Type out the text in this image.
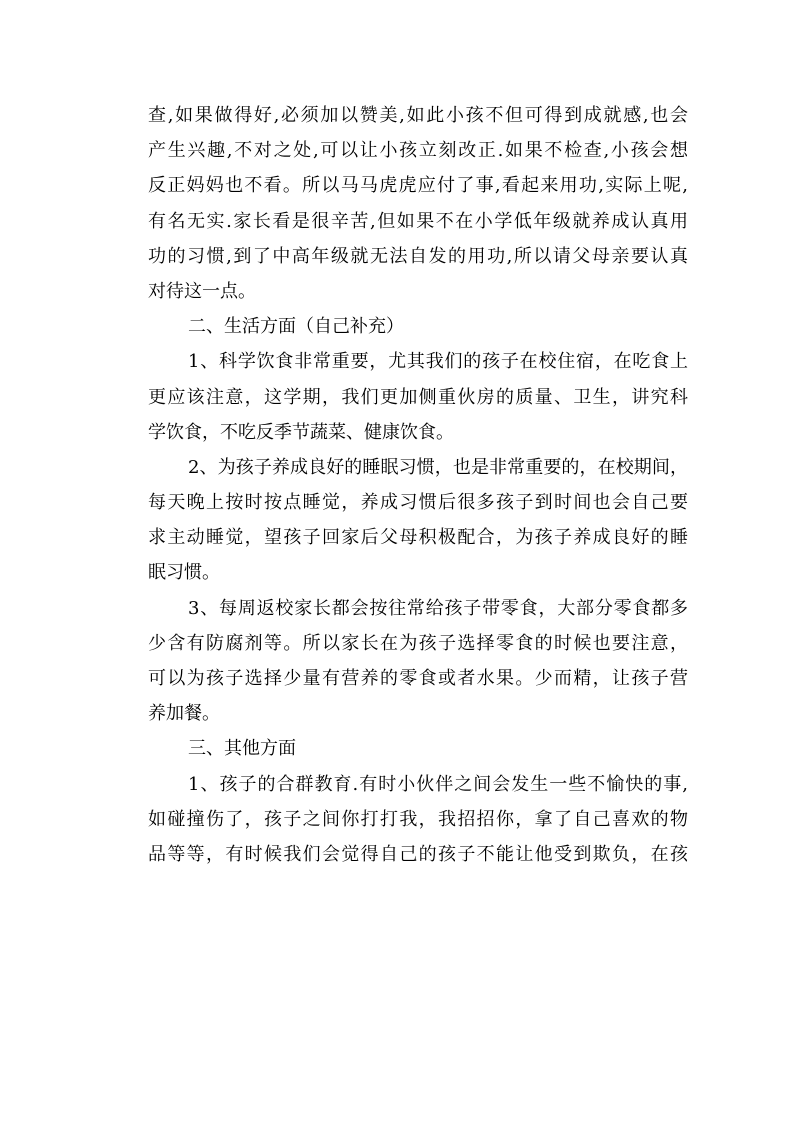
查,如果做得好,必须加以赞美,如此小孩不但可得到成就感,也会
产生兴趣,不对之处,可以让小孩立刻改正.如果不检查,小孩会想
反正妈妈也不看。所以马马虎虎应付了事,看起来用功,实际上呢,
有名无实.家长看是很辛苦,但如果不在小学低年级就养成认真用
功的习惯,到了中高年级就无法自发的用功,所以请父母亲要认真
对待这一点。
二、生活方面（自己补充）
1、科学饮食非常重要，尤其我们的孩子在校住宿，在吃食上
更应该注意，这学期，我们更加侧重伙房的质量、卫生，讲究科
学饮食，不吃反季节蔬菜、健康饮食。
2、为孩子养成良好的睡眠习惯，也是非常重要的，在校期间，
每天晚上按时按点睡觉，养成习惯后很多孩子到时间也会自己要
求主动睡觉，望孩子回家后父母积极配合，为孩子养成良好的睡
眠习惯。
3、每周返校家长都会按往常给孩子带零食，大部分零食都多
少含有防腐剂等。所以家长在为孩子选择零食的时候也要注意，
可以为孩子选择少量有营养的零食或者水果。少而精，让孩子营
养加餐。
三、其他方面
1、孩子的合群教育.有时小伙伴之间会发生一些不愉快的事,
如碰撞伤了，孩子之间你打打我，我招招你，拿了自己喜欢的物
品等等，有时候我们会觉得自己的孩子不能让他受到欺负，在孩
